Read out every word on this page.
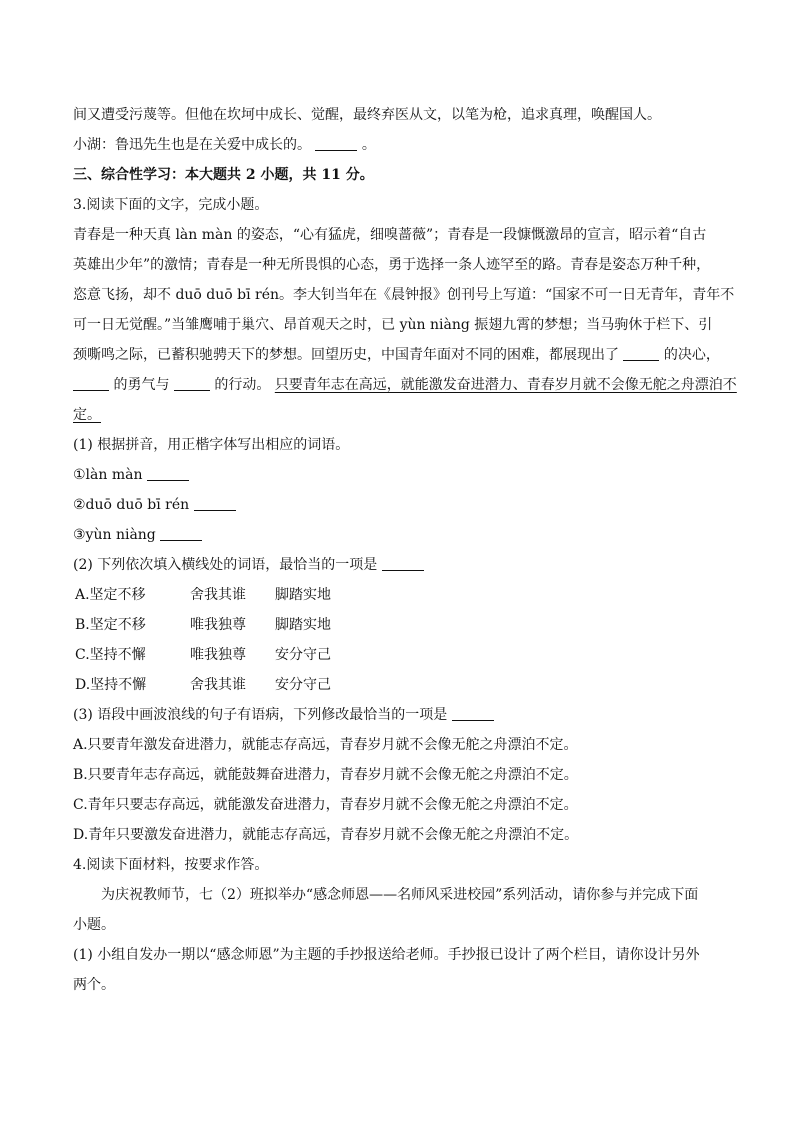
间又遭受污蔑等。但他在坎坷中成长、觉醒，最终弃医从文，以笔为枪，追求真理，唤醒国人。
小湖：鲁迅先生也是在关爱中成长的。	。
三、综合性学习：本大题共 2 小题，共 11 分。
3.阅读下面的文字，完成小题。
青春是一种天真 làn màn 的姿态，“心有猛虎，细嗅蔷薇”；青春是一段慷慨激昂的宣言，昭示着“自古
英雄出少年”的激情；青春是一种无所畏惧的心态，勇于选择一条人迹罕至的路。青春是姿态万种千种，
恣意飞扬，却不 duō duō bī rén。李大钊当年在《晨钟报》创刊号上写道：“国家不可一日无青年，青年不
可一日无觉醒。”当雏鹰哺于巢穴、昂首观天之时，已 yùn niàng 振翅九霄的梦想；当马驹休于栏下、引
颈嘶鸣之际，已蓄积驰骋天下的梦想。回望历史，中国青年面对不同的困难，都展现出了	的决心，
的勇气与	的行动。 只要青年志在高远，就能激发奋进潜力、青春岁月就不会像无舵之舟漂泊不
定。
(1) 根据拼音，用正楷字体写出相应的词语。
①làn màn
②duō duō bī rén
③yùn niàng
(2) 下列依次填入横线处的词语，最恰当的一项是
A.坚定不移	舍我其谁	脚踏实地
B.坚定不移	唯我独尊	脚踏实地
C.坚持不懈	唯我独尊	安分守己
D.坚持不懈	舍我其谁	安分守己
(3) 语段中画波浪线的句子有语病，下列修改最恰当的一项是
A.只要青年激发奋进潜力，就能志存高远，青春岁月就不会像无舵之舟漂泊不定。
B.只要青年志存高远，就能鼓舞奋进潜力，青春岁月就不会像无舵之舟漂泊不定。
C.青年只要志存高远，就能激发奋进潜力，青春岁月就不会像无舵之舟漂泊不定。
D.青年只要激发奋进潜力，就能志存高远，青春岁月就不会像无舵之舟漂泊不定。
4.阅读下面材料，按要求作答。
为庆祝教师节，七（2）班拟举办“感念师恩——名师风采进校园”系列活动，请你参与并完成下面
小题。
(1) 小组自发办一期以“感念师恩”为主题的手抄报送给老师。手抄报已设计了两个栏目，请你设计另外
两个。
